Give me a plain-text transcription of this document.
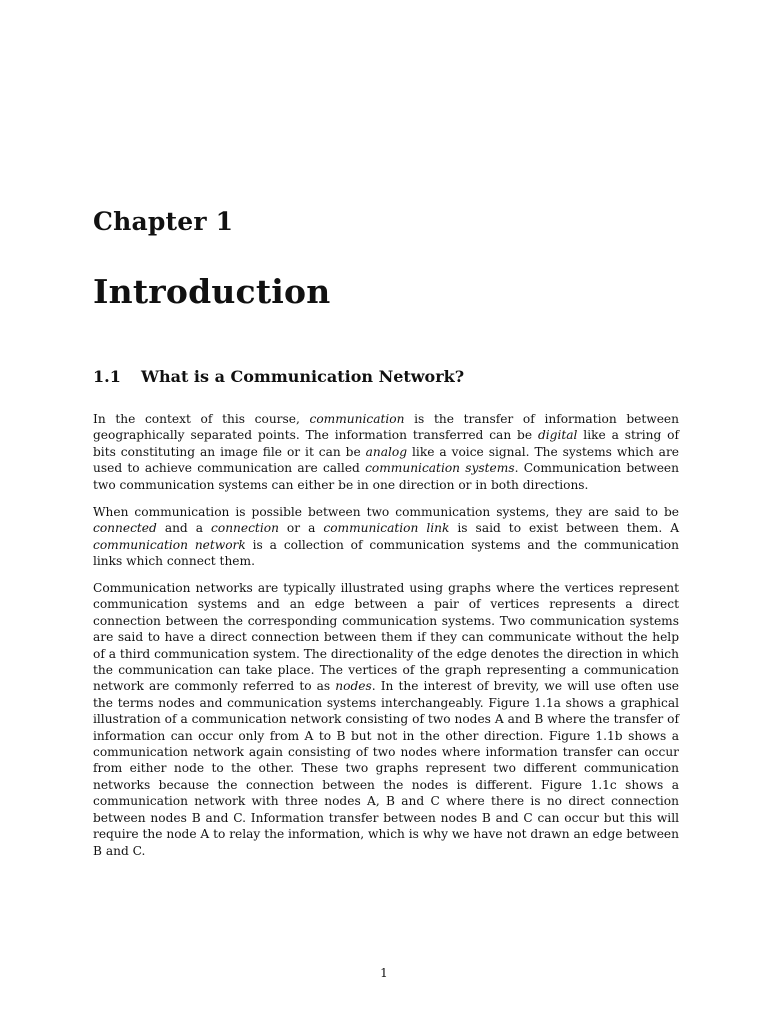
Chapter 1
Introduction
1.1 What is a Communication Network?

In the context of this course, communication is the transfer of information between geographically separated points. The information transferred can be digital like a string of bits constituting an image file or it can be analog like a voice signal. The systems which are used to achieve communication are called communication systems. Communication between two communication systems can either be in one direction or in both directions.

When communication is possible between two communication systems, they are said to be connected and a connection or a communication link is said to exist between them. A communication network is a collection of communication systems and the communication links which connect them.

Communication networks are typically illustrated using graphs where the vertices represent communication systems and an edge between a pair of vertices represents a direct connection between the corresponding communication systems. Two communication systems are said to have a direct connection between them if they can communicate without the help of a third communication system. The directionality of the edge denotes the direction in which the communication can take place. The vertices of the graph representing a communication network are commonly referred to as nodes. In the interest of brevity, we will use often use the terms nodes and communication systems interchangeably. Figure 1.1a shows a graphical illustration of a communication network consisting of two nodes A and B where the transfer of information can occur only from A to B but not in the other direction. Figure 1.1b shows a communication network again consisting of two nodes where information transfer can occur from either node to the other. These two graphs represent two different communication networks because the connection between the nodes is different. Figure 1.1c shows a communication network with three nodes A, B and C where there is no direct connection between nodes B and C. Information transfer between nodes B and C can occur but this will require the node A to relay the information, which is why we have not drawn an edge between B and C.

1
